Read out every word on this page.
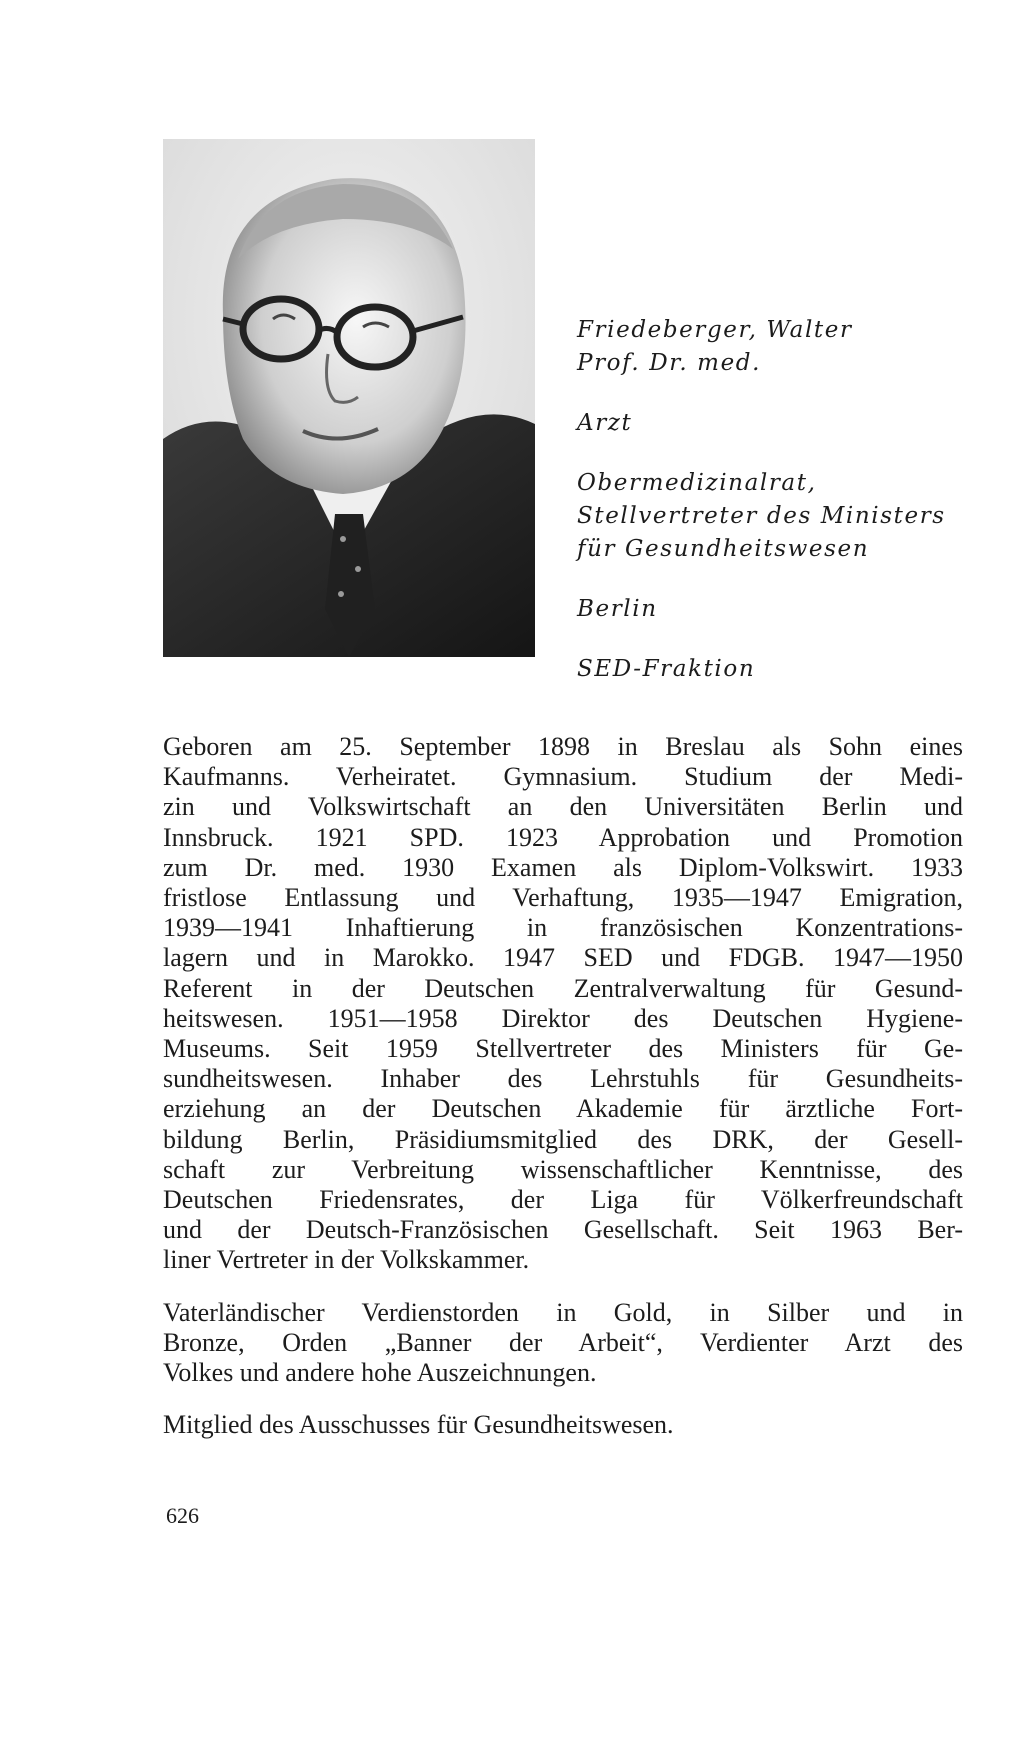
Friedeberger, Walter
Prof. Dr. med.
Arzt
Obermedizinalrat,
Stellvertreter des Ministers
für Gesundheitswesen
Berlin
SED-Fraktion

Geboren am 25. September 1898 in Breslau als Sohn eines
Kaufmanns. Verheiratet. Gymnasium. Studium der Medi-
zin und Volkswirtschaft an den Universitäten Berlin und
Innsbruck. 1921 SPD. 1923 Approbation und Promotion
zum Dr. med. 1930 Examen als Diplom-Volkswirt. 1933
fristlose Entlassung und Verhaftung, 1935—1947 Emigration,
1939—1941 Inhaftierung in französischen Konzentrations-
lagern und in Marokko. 1947 SED und FDGB. 1947—1950
Referent in der Deutschen Zentralverwaltung für Gesund-
heitswesen. 1951—1958 Direktor des Deutschen Hygiene-
Museums. Seit 1959 Stellvertreter des Ministers für Ge-
sundheitswesen. Inhaber des Lehrstuhls für Gesundheits-
erziehung an der Deutschen Akademie für ärztliche Fort-
bildung Berlin, Präsidiumsmitglied des DRK, der Gesell-
schaft zur Verbreitung wissenschaftlicher Kenntnisse, des
Deutschen Friedensrates, der Liga für Völkerfreundschaft
und der Deutsch-Französischen Gesellschaft. Seit 1963 Ber-
liner Vertreter in der Volkskammer.

Vaterländischer Verdienstorden in Gold, in Silber und in
Bronze, Orden „Banner der Arbeit“, Verdienter Arzt des
Volkes und andere hohe Auszeichnungen.

Mitglied des Ausschusses für Gesundheitswesen.

626
